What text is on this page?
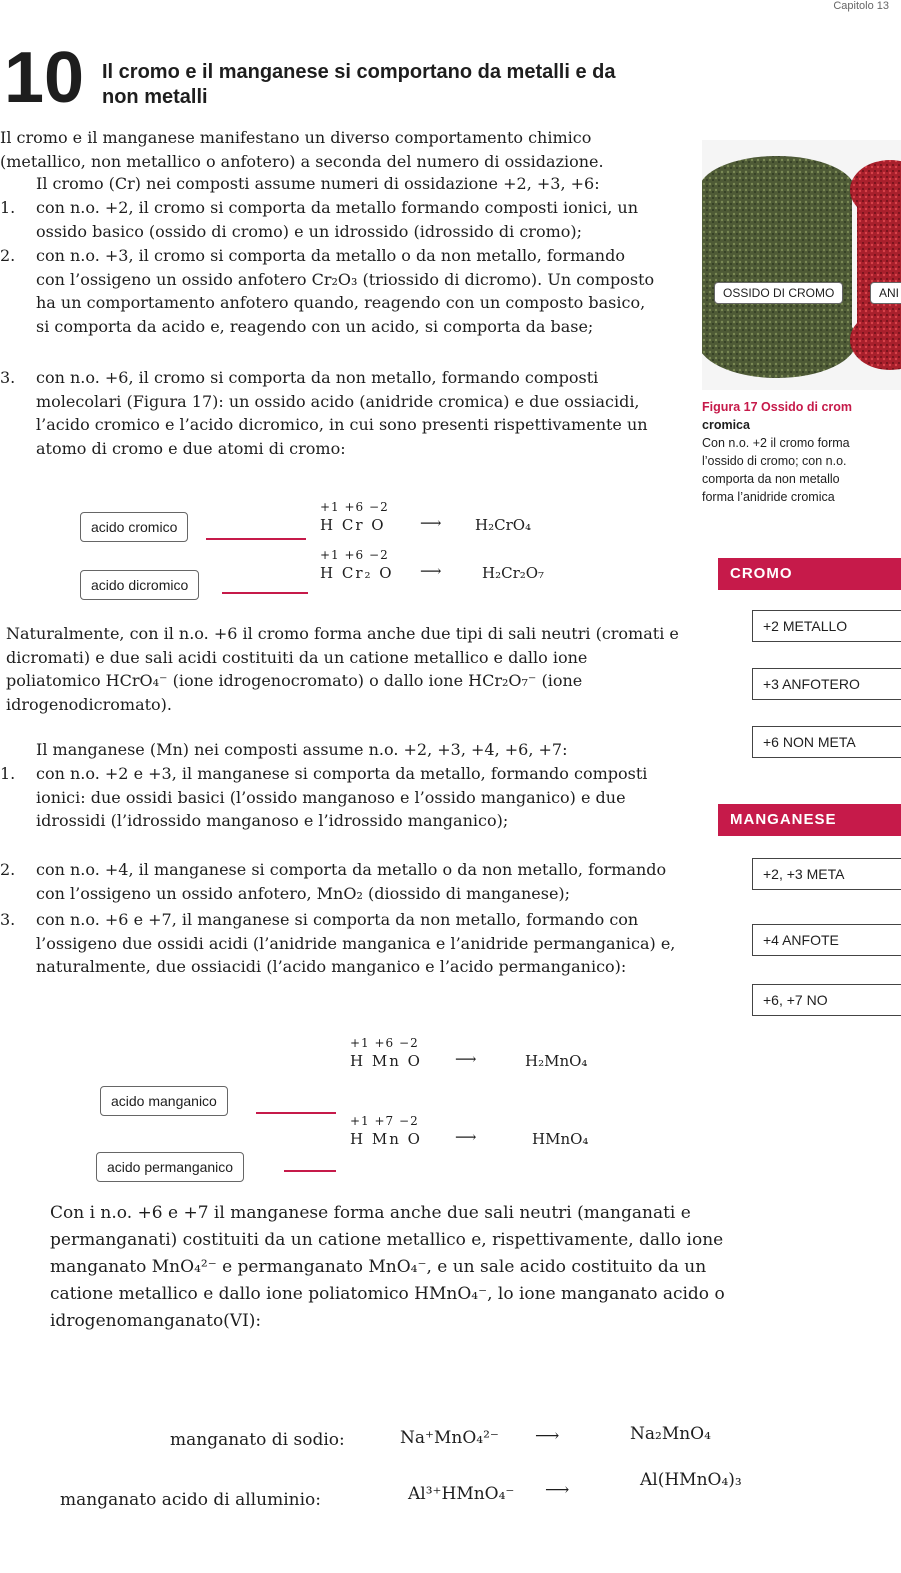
Capitolo 13
10 Il cromo e il manganese si comportano da metalli e da non metalli
Il cromo e il manganese manifestano un diverso comportamento chimico (metallico, non metallico o anfotero) a seconda del numero di ossidazione.
Il cromo (Cr) nei composti assume numeri di ossidazione +2, +3, +6:
1. con n.o. +2, il cromo si comporta da metallo formando composti ionici, un ossido basico (ossido di cromo) e un idrossido (idrossido di cromo);
2. con n.o. +3, il cromo si comporta da metallo o da non metallo, formando con l’ossigeno un ossido anfotero Cr₂O₃ (triossido di dicromo). Un composto ha un comportamento anfotero quando, reagendo con un composto basico, si comporta da acido e, reagendo con un acido, si comporta da base;
3. con n.o. +6, il cromo si comporta da non metallo, formando composti molecolari (Figura 17): un ossido acido (anidride cromica) e due ossiacidi, l’acido cromico e l’acido dicromico, in cui sono presenti rispettivamente un atomo di cromo e due atomi di cromo:
OSSIDO DI CROMO	ANI
Figura 17 Ossido di crom
cromica
Con n.o. +2 il cromo forma
l’ossido di cromo; con n.o.
comporta da non metallo
forma l’anidride cromica
acido cromico
+1 +6 −2
H Cr O ⟶ H₂CrO₄
acido dicromico
+1 +6 −2
H Cr₂ O ⟶	H₂Cr₂O₇	CROMO
+2 METALLO
+3 ANFOTERO
+6 NON META
Naturalmente, con il n.o. +6 il cromo forma anche due tipi di sali neutri (cromati e dicromati) e due sali acidi costituiti da un catione metallico e dallo ione poliatomico HCrO₄⁻ (ione idrogenocromato) o dallo ione HCr₂O₇⁻ (ione idrogenodicromato).
Il manganese (Mn) nei composti assume n.o. +2, +3, +4, +6, +7:
1. con n.o. +2 e +3, il manganese si comporta da metallo, formando composti ionici: due ossidi basici (l’ossido manganoso e l’ossido manganico) e due idrossidi (l’idrossido manganoso e l’idrossido manganico);
2. con n.o. +4, il manganese si comporta da metallo o da non metallo, formando con l’ossigeno un ossido anfotero, MnO₂ (diossido di manganese);
3. con n.o. +6 e +7, il manganese si comporta da non metallo, formando con l’ossigeno due ossidi acidi (l’anidride manganica e l’anidride permanganica) e, naturalmente, due ossiacidi (l’acido manganico e l’acido permanganico):
MANGANESE
+2, +3 META
+4 ANFOTE
+6, +7 NO
acido manganico
+1 +6 −2
H Mn O ⟶	H₂MnO₄
acido permanganico
+1 +7 −2
H Mn O ⟶	HMnO₄
Con i n.o. +6 e +7 il manganese forma anche due sali neutri (manganati e permanganati) costituiti da un catione metallico e, rispettivamente, dallo ione manganato MnO₄²⁻ e permanganato MnO₄⁻, e un sale acido costituito da un catione metallico e dallo ione poliatomico HMnO₄⁻, lo ione manganato acido o idrogenomanganato(VI):
manganato di sodio:	Na⁺MnO₄²⁻ ⟶	Na₂MnO₄
manganato acido di alluminio:	Al³⁺HMnO₄⁻ ⟶	Al(HMnO₄)₃
